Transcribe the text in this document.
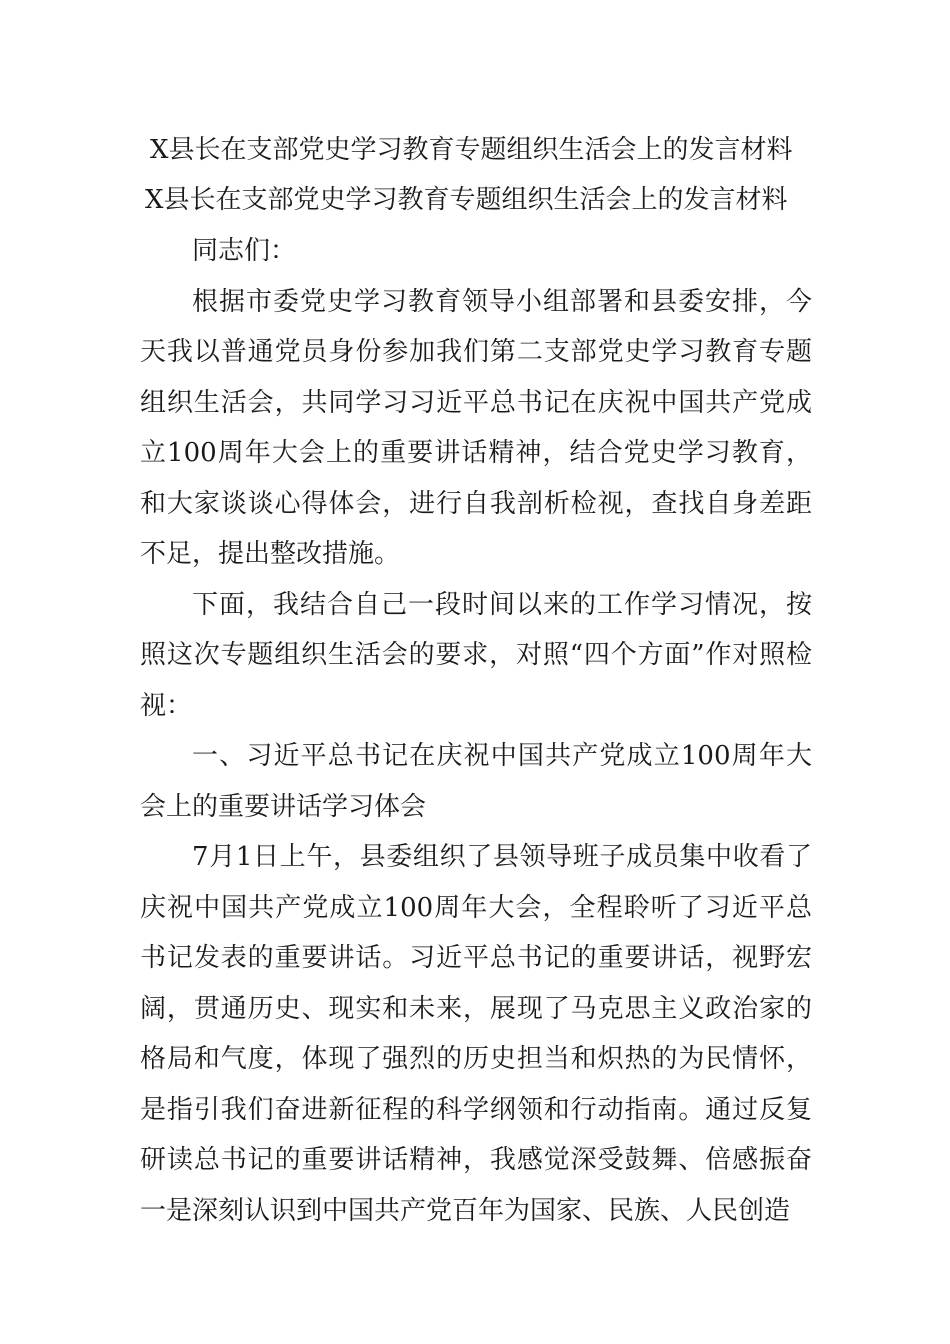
X县长在支部党史学习教育专题组织生活会上的发言材料
X县长在支部党史学习教育专题组织生活会上的发言材料

同志们：

根据市委党史学习教育领导小组部署和县委安排，今天我以普通党员身份参加我们第二支部党史学习教育专题组织生活会，共同学习习近平总书记在庆祝中国共产党成立100周年大会上的重要讲话精神，结合党史学习教育，和大家谈谈心得体会，进行自我剖析检视，查找自身差距不足，提出整改措施。

下面，我结合自己一段时间以来的工作学习情况，按照这次专题组织生活会的要求，对照“四个方面”作对照检视：

一、习近平总书记在庆祝中国共产党成立100周年大会上的重要讲话学习体会

7月1日上午，县委组织了县领导班子成员集中收看了庆祝中国共产党成立100周年大会，全程聆听了习近平总书记发表的重要讲话。习近平总书记的重要讲话，视野宏阔，贯通历史、现实和未来，展现了马克思主义政治家的格局和气度，体现了强烈的历史担当和炽热的为民情怀，是指引我们奋进新征程的科学纲领和行动指南。通过反复研读总书记的重要讲话精神，我感觉深受鼓舞、倍感振奋一是深刻认识到中国共产党百年为国家、民族、人民创造
